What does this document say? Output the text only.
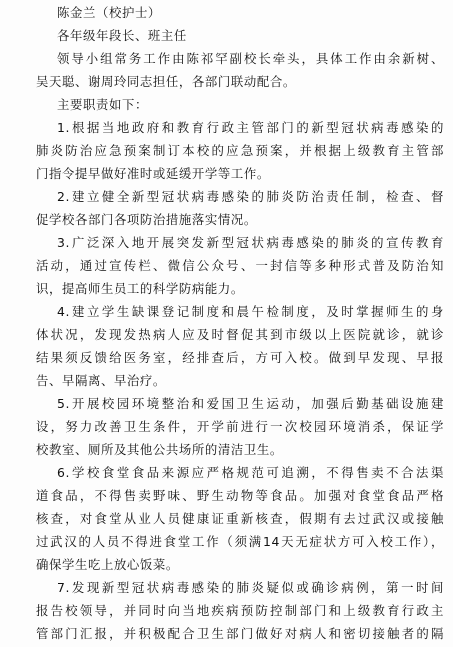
陈金兰（校护士）
各年级年段长、班主任
领导小组常务工作由陈祁罕副校长牵头，具体工作由余新树、
吴天聪、谢周玲同志担任，各部门联动配合。
主要职责如下：
1.根据当地政府和教育行政主管部门的新型冠状病毒感染的
肺炎防治应急预案制订本校的应急预案，并根据上级教育主管部
门指令提早做好准时或延缓开学等工作。
2.建立健全新型冠状病毒感染的肺炎防治责任制，检查、督
促学校各部门各项防治措施落实情况。
3.广泛深入地开展突发新型冠状病毒感染的肺炎的宣传教育
活动，通过宣传栏、微信公众号、一封信等多种形式普及防治知
识，提高师生员工的科学防病能力。
4.建立学生缺课登记制度和晨午检制度，及时掌握师生的身
体状况，发现发热病人应及时督促其到市级以上医院就诊，就诊
结果须反馈给医务室，经排查后，方可入校。做到早发现、早报
告、早隔离、早治疗。
5.开展校园环境整治和爱国卫生运动，加强后勤基础设施建
设，努力改善卫生条件，开学前进行一次校园环境消杀，保证学
校教室、厕所及其他公共场所的清洁卫生。
6.学校食堂食品来源应严格规范可追溯，不得售卖不合法渠
道食品，不得售卖野味、野生动物等食品。加强对食堂食品严格
核查，对食堂从业人员健康证重新核查，假期有去过武汉或接触
过武汉的人员不得进食堂工作（须满14天无症状方可入校工作），
确保学生吃上放心饭菜。
7.发现新型冠状病毒感染的肺炎疑似或确诊病例，第一时间
报告校领导，并同时向当地疾病预防控制部门和上级教育行政主
管部门汇报，并积极配合卫生部门做好对病人和密切接触者的隔
